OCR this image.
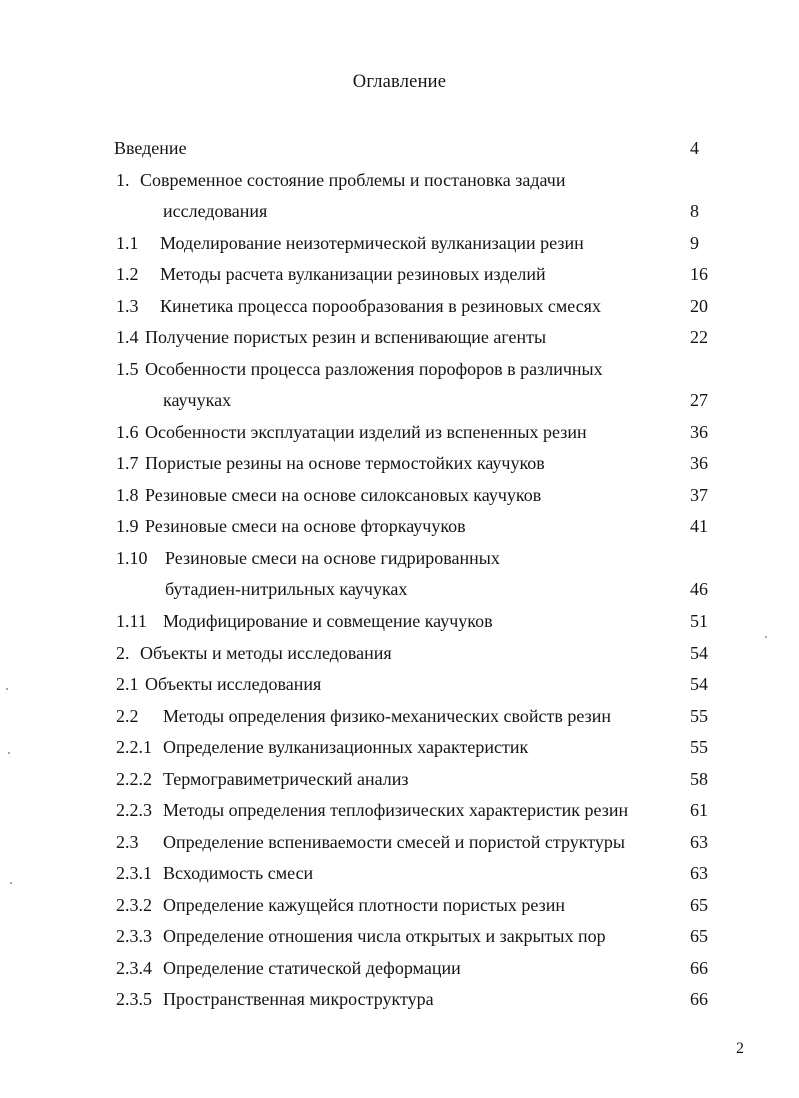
Оглавление
Введение	4
1. Современное состояние проблемы и постановка задачи
исследования	8
1.1 Моделирование неизотермической вулканизации резин	9
1.2 Методы расчета вулканизации резиновых изделий	16
1.3 Кинетика процесса порообразования в резиновых смесях	20
1.4 Получение пористых резин и вспенивающие агенты	22
1.5 Особенности процесса разложения порофоров в различных
каучуках	27
1.6 Особенности эксплуатации изделий из вспененных резин	36
1.7 Пористые резины на основе термостойких каучуков	36
1.8 Резиновые смеси на основе силоксановых каучуков	37
1.9 Резиновые смеси на основе фторкаучуков	41
1.10 Резиновые смеси на основе гидрированных
бутадиен-нитрильных каучуках	46
1.11 Модифицирование и совмещение каучуков	51
2. Объекты и методы исследования	54
2.1 Объекты исследования	54
2.2 Методы определения физико-механических свойств резин	55
2.2.1 Определение вулканизационных характеристик	55
2.2.2 Термогравиметрический анализ	58
2.2.3 Методы определения теплофизических характеристик резин	61
2.3 Определение вспениваемости смесей и пористой структуры	63
2.3.1 Всходимость смеси	63
2.3.2 Определение кажущейся плотности пористых резин	65
2.3.3 Определение отношения числа открытых и закрытых пор	65
2.3.4 Определение статической деформации	66
2.3.5 Пространственная микроструктура	66
2
